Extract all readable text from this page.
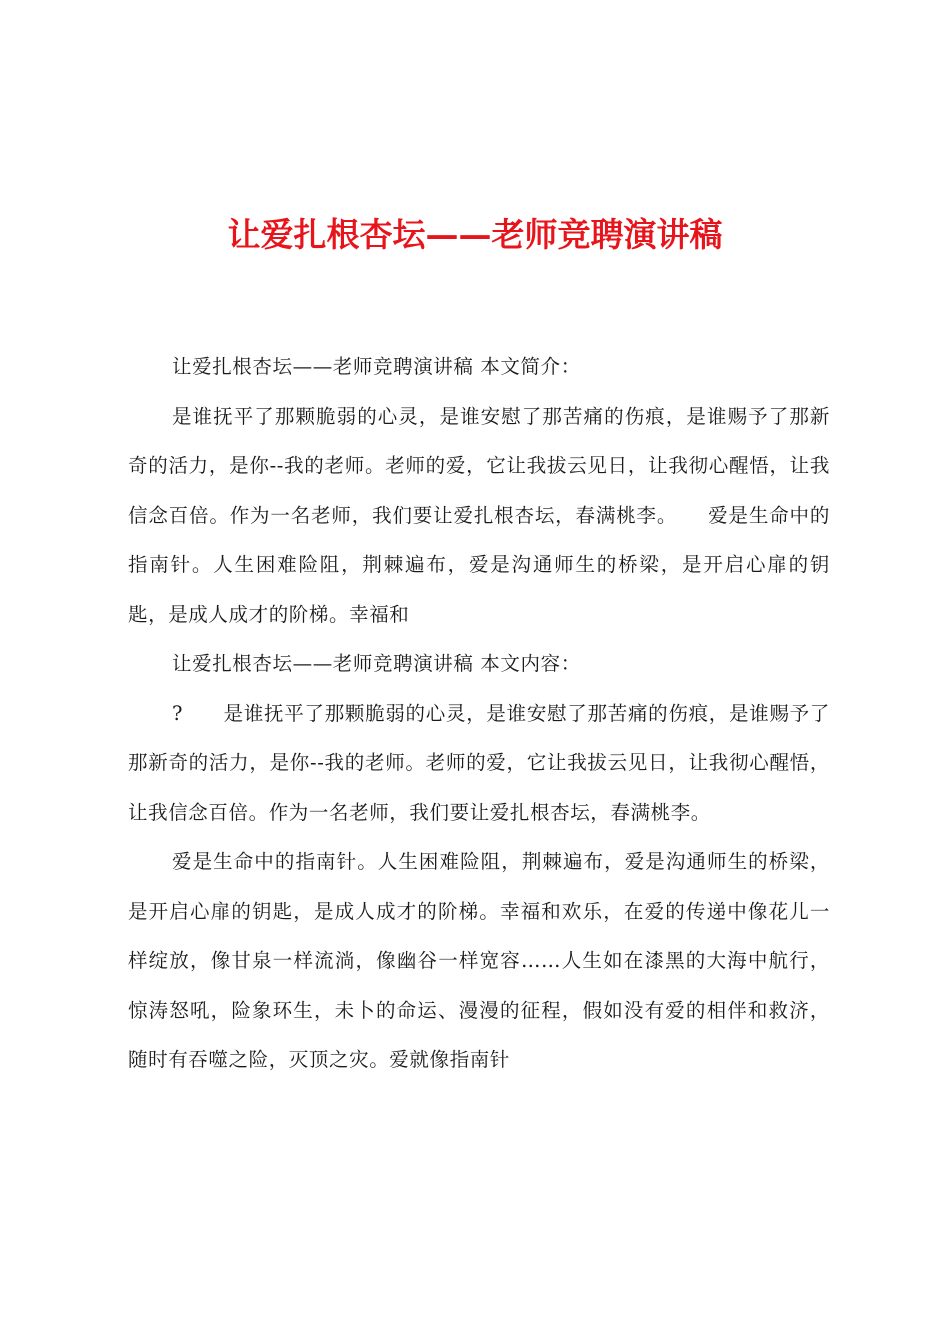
让爱扎根杏坛——老师竞聘演讲稿

让爱扎根杏坛——老师竞聘演讲稿 本文简介：

是谁抚平了那颗脆弱的心灵，是谁安慰了那苦痛的伤痕，是谁赐予了那新奇的活力，是你--我的老师。老师的爱，它让我拔云见日，让我彻心醒悟，让我信念百倍。作为一名老师，我们要让爱扎根杏坛，春满桃李。　　爱是生命中的指南针。人生困难险阻，荆棘遍布，爱是沟通师生的桥梁，是开启心扉的钥匙，是成人成才的阶梯。幸福和

让爱扎根杏坛——老师竞聘演讲稿 本文内容：

?　　是谁抚平了那颗脆弱的心灵，是谁安慰了那苦痛的伤痕，是谁赐予了那新奇的活力，是你--我的老师。老师的爱，它让我拔云见日，让我彻心醒悟，让我信念百倍。作为一名老师，我们要让爱扎根杏坛，春满桃李。

爱是生命中的指南针。人生困难险阻，荆棘遍布，爱是沟通师生的桥梁，是开启心扉的钥匙，是成人成才的阶梯。幸福和欢乐，在爱的传递中像花儿一样绽放，像甘泉一样流淌，像幽谷一样宽容……人生如在漆黑的大海中航行，惊涛怒吼，险象环生，未卜的命运、漫漫的征程，假如没有爱的相伴和救济，随时有吞噬之险，灭顶之灾。爱就像指南针
